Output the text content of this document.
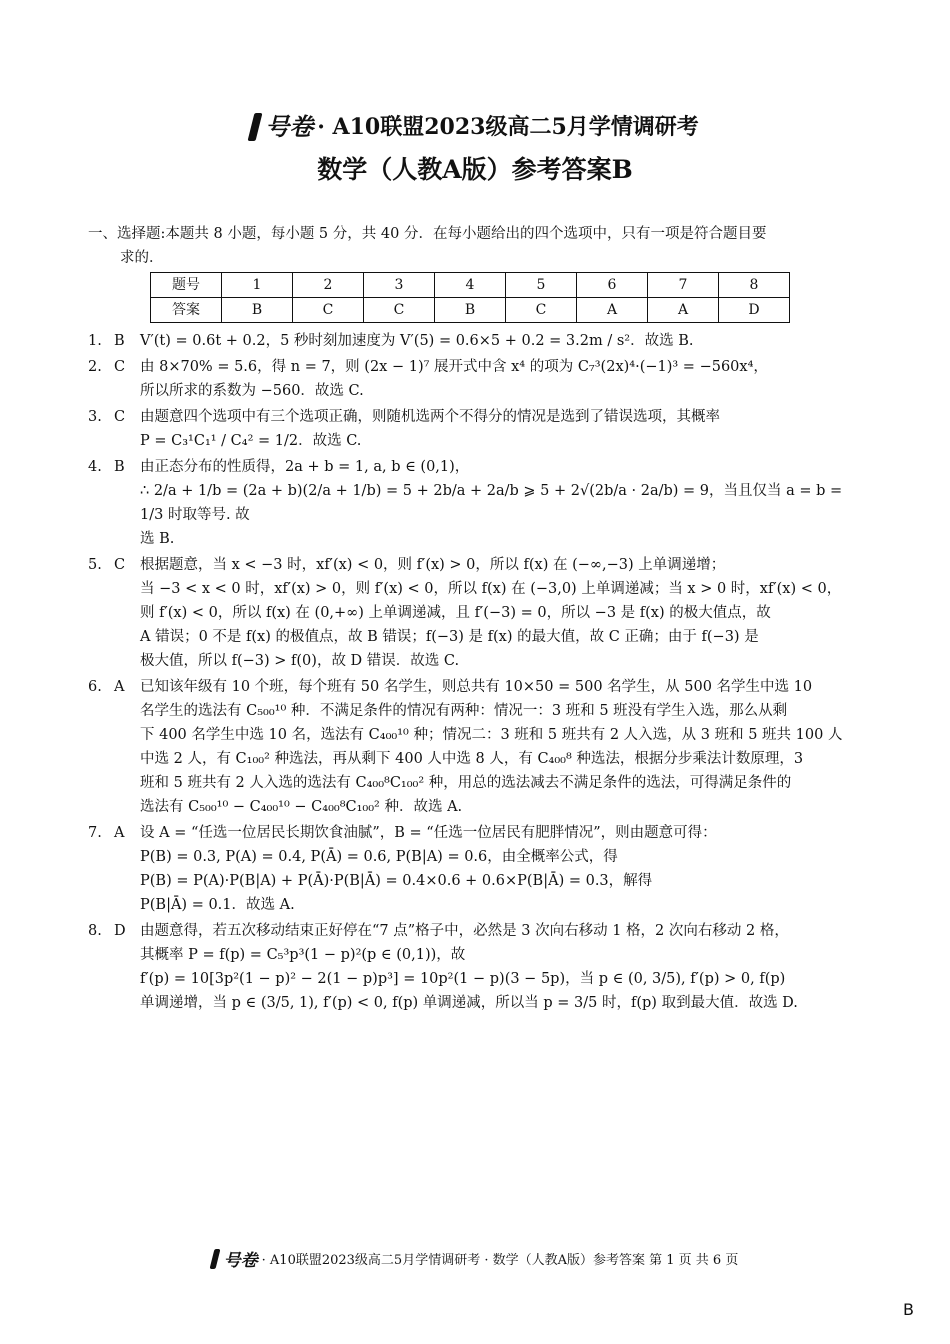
号卷 · A10联盟2023级高二5月学情调研考
数学（人教A版）参考答案B
一、选择题:本题共 8 小题，每小题 5 分，共 40 分．在每小题给出的四个选项中，只有一项是符合题目要
求的．
题号	1	2	3	4	5	6	7	8
答案	B	C	C	B	C	A	A	D
1. B	V′(t) = 0.6t + 0.2，5 秒时刻加速度为 V′(5) = 0.6×5 + 0.2 = 3.2m / s²．故选 B.

2. C	由 8×70% = 5.6，得 n = 7，则 (2x − 1)⁷ 展开式中含 x⁴ 的项为 C₇³(2x)⁴·(−1)³ = −560x⁴，

所以所求的系数为 −560．故选 C.

3. C	由题意四个选项中有三个选项正确，则随机选两个不得分的情况是选到了错误选项，其概率

P = C₃¹C₁¹ / C₄² = 1/2．故选 C.

4. B	由正态分布的性质得，2a + b = 1, a, b ∈ (0,1)，

∴ 2/a + 1/b = (2a + b)(2/a + 1/b) = 5 + 2b/a + 2a/b ⩾ 5 + 2√(2b/a · 2a/b) = 9，当且仅当 a = b = 1/3 时取等号. 故

选 B.

5. C	根据题意，当 x < −3 时，xf′(x) < 0，则 f′(x) > 0，所以 f(x) 在 (−∞,−3) 上单调递增；

当 −3 < x < 0 时，xf′(x) > 0，则 f′(x) < 0，所以 f(x) 在 (−3,0) 上单调递减；当 x > 0 时，xf′(x) < 0，

则 f′(x) < 0，所以 f(x) 在 (0,+∞) 上单调递减，且 f′(−3) = 0，所以 −3 是 f(x) 的极大值点，故

A 错误；0 不是 f(x) 的极值点，故 B 错误；f(−3) 是 f(x) 的最大值，故 C 正确；由于 f(−3) 是

极大值，所以 f(−3) > f(0)，故 D 错误．故选 C.

6. A	已知该年级有 10 个班，每个班有 50 名学生，则总共有 10×50 = 500 名学生，从 500 名学生中选 10

名学生的选法有 C₅₀₀¹⁰ 种．不满足条件的情况有两种：情况一：3 班和 5 班没有学生入选，那么从剩

下 400 名学生中选 10 名，选法有 C₄₀₀¹⁰ 种；情况二：3 班和 5 班共有 2 人入选，从 3 班和 5 班共 100 人

中选 2 人，有 C₁₀₀² 种选法，再从剩下 400 人中选 8 人，有 C₄₀₀⁸ 种选法，根据分步乘法计数原理，3

班和 5 班共有 2 人入选的选法有 C₄₀₀⁸C₁₀₀² 种，用总的选法减去不满足条件的选法，可得满足条件的

选法有 C₅₀₀¹⁰ − C₄₀₀¹⁰ − C₄₀₀⁸C₁₀₀² 种．故选 A.

7. A	设 A = “任选一位居民长期饮食油腻”，B = “任选一位居民有肥胖情况”，则由题意可得：

P(B) = 0.3, P(A) = 0.4, P(Ā) = 0.6, P(B|A) = 0.6，由全概率公式，得

P(B) = P(A)·P(B|A) + P(Ā)·P(B|Ā) = 0.4×0.6 + 0.6×P(B|Ā) = 0.3，解得

P(B|Ā) = 0.1．故选 A.

8. D 由题意得，若五次移动结束正好停在“7 点”格子中，必然是 3 次向右移动 1 格，2 次向右移动 2 格，

其概率 P = f(p) = C₅³p³(1 − p)²(p ∈ (0,1))，故

f′(p) = 10[3p²(1 − p)² − 2(1 − p)p³] = 10p²(1 − p)(3 − 5p)，当 p ∈ (0, 3/5), f′(p) > 0, f(p)

单调递增，当 p ∈ (3/5, 1), f′(p) < 0, f(p) 单调递减，所以当 p = 3/5 时，f(p) 取到最大值．故选 D.

号卷 · A10联盟2023级高二5月学情调研考 · 数学（人教A版）参考答案 第 1 页 共 6 页
B
